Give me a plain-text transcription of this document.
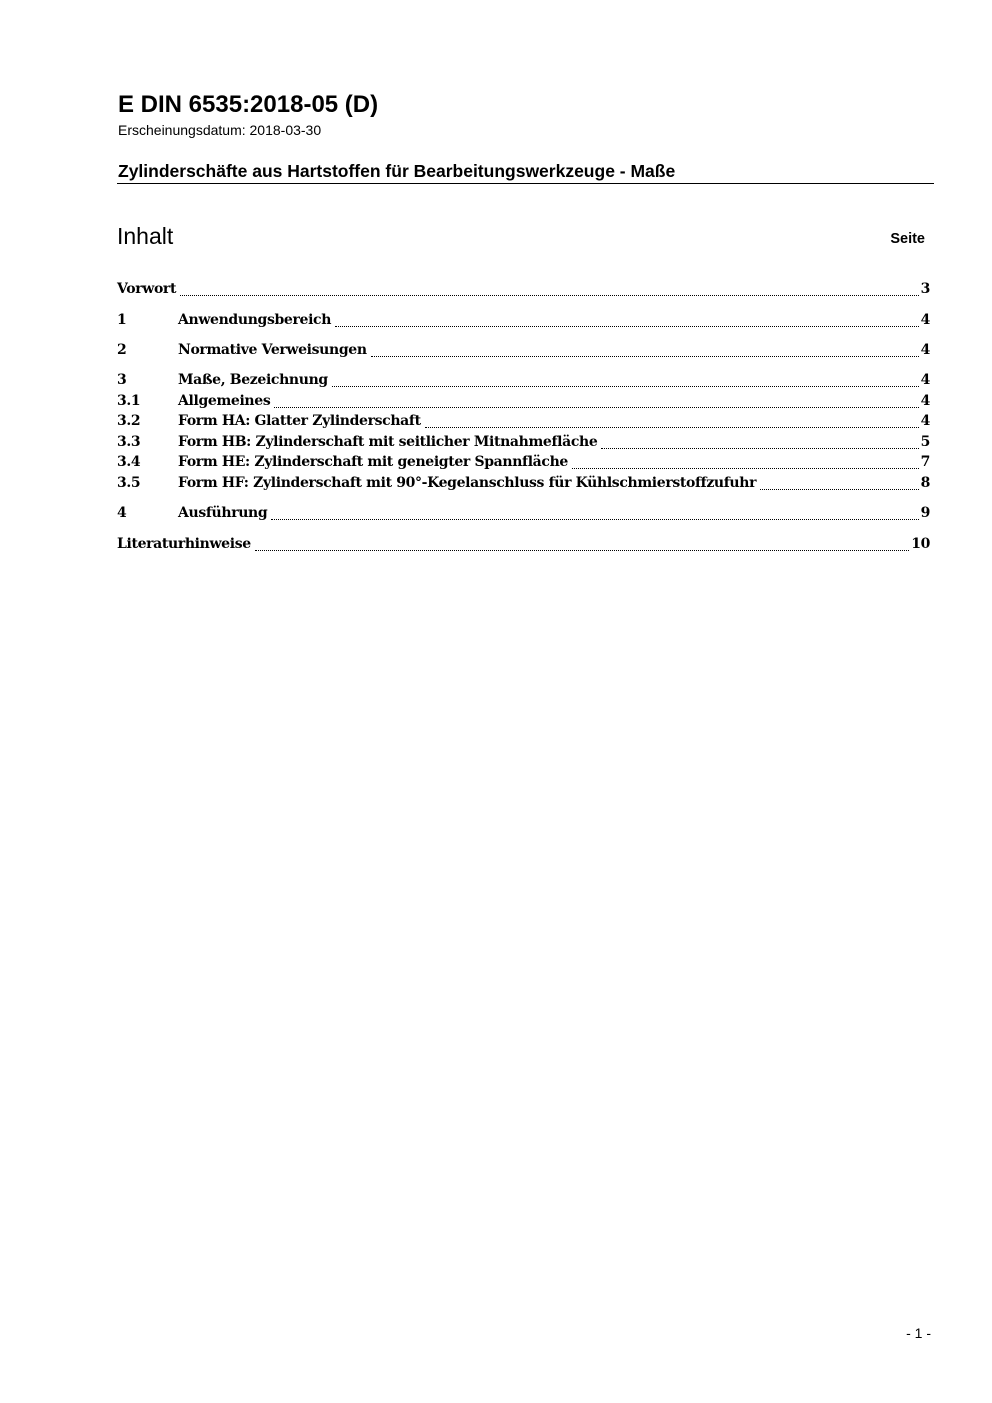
E DIN 6535:2018-05 (D)
Erscheinungsdatum: 2018-03-30
Zylinderschäfte aus Hartstoffen für Bearbeitungswerkzeuge - Maße
Inhalt	Seite
Vorwort	3
1	Anwendungsbereich	4
2	Normative Verweisungen	4
3	Maße, Bezeichnung	4
3.1	Allgemeines	4
3.2	Form HA: Glatter Zylinderschaft	4
3.3	Form HB: Zylinderschaft mit seitlicher Mitnahmefläche	5
3.4	Form HE: Zylinderschaft mit geneigter Spannfläche	7
3.5	Form HF: Zylinderschaft mit 90°-Kegelanschluss für Kühlschmierstoffzufuhr	8
4	Ausführung	9
Literaturhinweise	10
- 1 -
